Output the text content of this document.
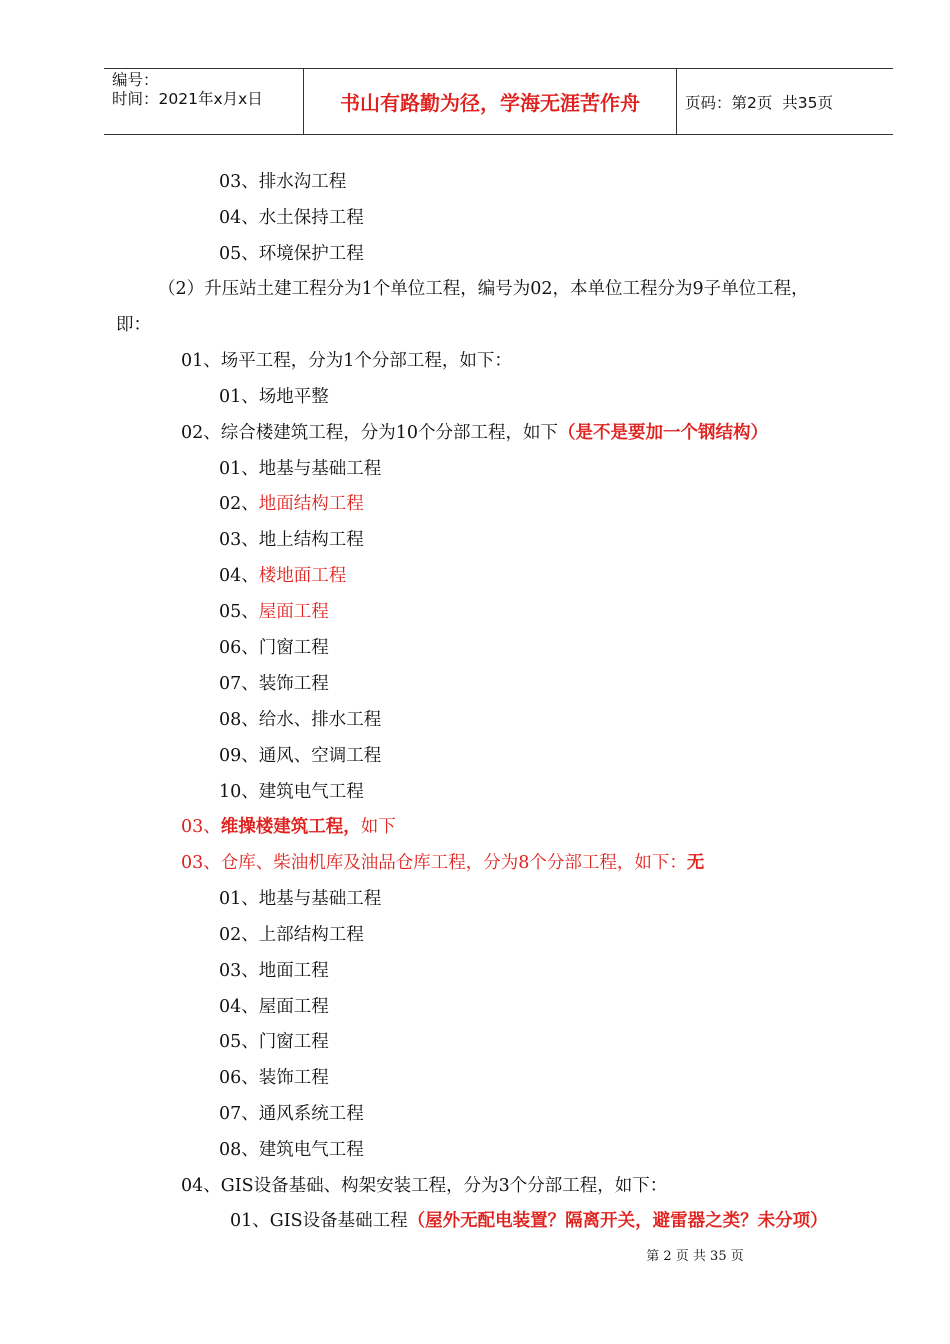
编号：
时间：2021年x月x日	书山有路勤为径，学海无涯苦作舟	页码：第2页  共35页
03、排水沟工程
04、水土保持工程
05、环境保护工程
（2）升压站土建工程分为1个单位工程，编号为02，本单位工程分为9子单位工程，
即：
01、场平工程，分为1个分部工程，如下：
01、场地平整
02、综合楼建筑工程，分为10个分部工程，如下（是不是要加一个钢结构）
01、地基与基础工程
02、地面结构工程
03、地上结构工程
04、楼地面工程
05、屋面工程
06、门窗工程
07、装饰工程
08、给水、排水工程
09、通风、空调工程
10、建筑电气工程
03、维操楼建筑工程，如下
03、仓库、柴油机库及油品仓库工程，分为8个分部工程，如下：无
01、地基与基础工程
02、上部结构工程
03、地面工程
04、屋面工程
05、门窗工程
06、装饰工程
07、通风系统工程
08、建筑电气工程
04、GIS设备基础、构架安装工程，分为3个分部工程，如下：
01、GIS设备基础工程（屋外无配电装置？隔离开关，避雷器之类？未分项）
第 2 页 共 35 页
